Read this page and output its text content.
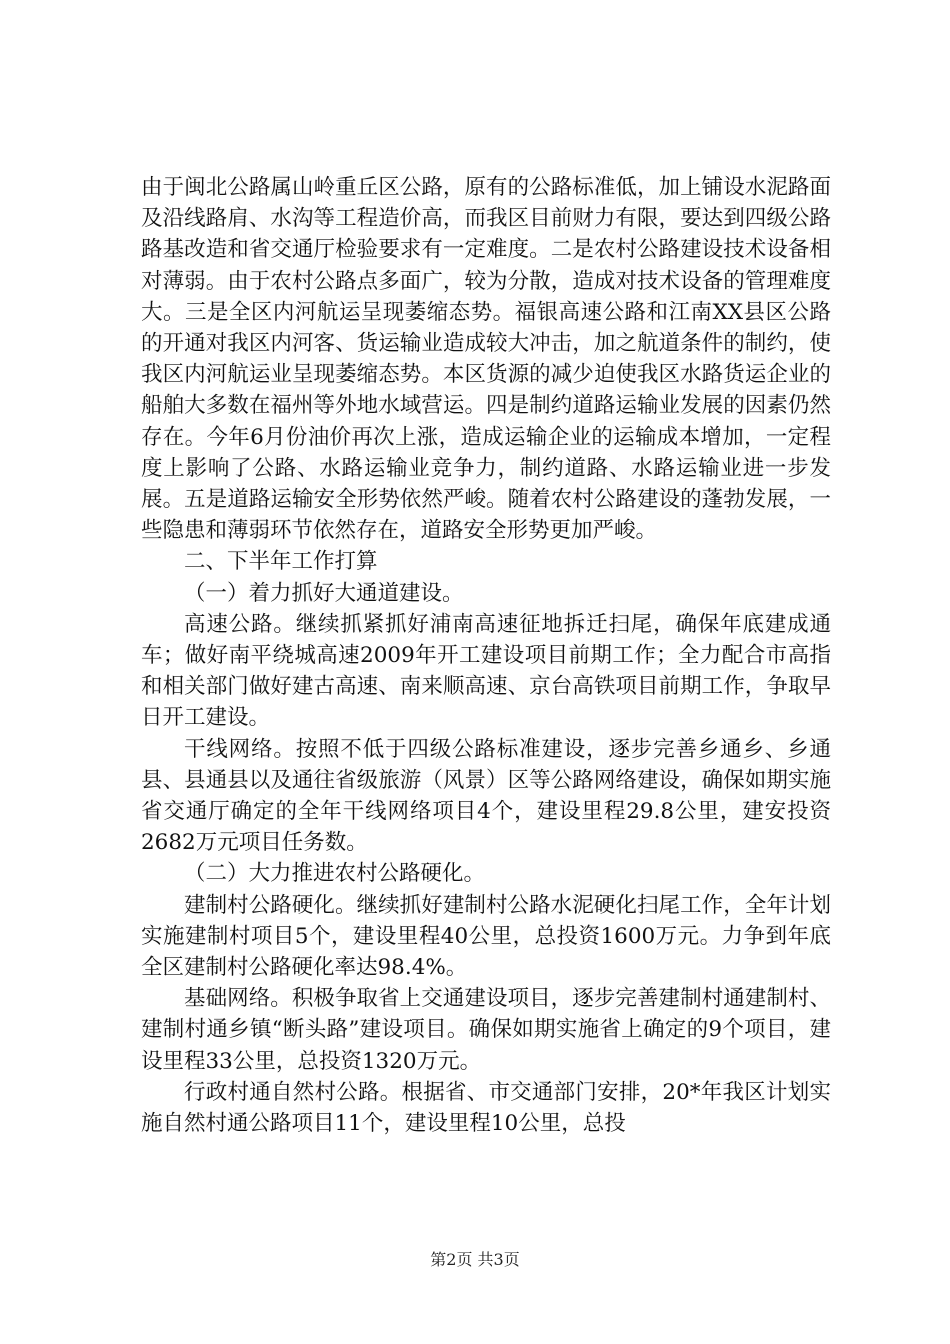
由于闽北公路属山岭重丘区公路，原有的公路标准低，加上铺设水泥路面及沿线路肩、水沟等工程造价高，而我区目前财力有限，要达到四级公路路基改造和省交通厅检验要求有一定难度。二是农村公路建设技术设备相对薄弱。由于农村公路点多面广，较为分散，造成对技术设备的管理难度大。三是全区内河航运呈现萎缩态势。福银高速公路和江南XX县区公路的开通对我区内河客、货运输业造成较大冲击，加之航道条件的制约，使我区内河航运业呈现萎缩态势。本区货源的减少迫使我区水路货运企业的船舶大多数在福州等外地水域营运。四是制约道路运输业发展的因素仍然存在。今年6月份油价再次上涨，造成运输企业的运输成本增加，一定程度上影响了公路、水路运输业竞争力，制约道路、水路运输业进一步发展。五是道路运输安全形势依然严峻。随着农村公路建设的蓬勃发展，一些隐患和薄弱环节依然存在，道路安全形势更加严峻。

二、下半年工作打算

（一）着力抓好大通道建设。

高速公路。继续抓紧抓好浦南高速征地拆迁扫尾，确保年底建成通车；做好南平绕城高速2009年开工建设项目前期工作；全力配合市高指和相关部门做好建古高速、南来顺高速、京台高铁项目前期工作，争取早日开工建设。

干线网络。按照不低于四级公路标准建设，逐步完善乡通乡、乡通县、县通县以及通往省级旅游（风景）区等公路网络建设，确保如期实施省交通厅确定的全年干线网络项目4个，建设里程29.8公里，建安投资2682万元项目任务数。

（二）大力推进农村公路硬化。

建制村公路硬化。继续抓好建制村公路水泥硬化扫尾工作，全年计划实施建制村项目5个，建设里程40公里，总投资1600万元。力争到年底全区建制村公路硬化率达98.4%。

基础网络。积极争取省上交通建设项目，逐步完善建制村通建制村、建制村通乡镇“断头路”建设项目。确保如期实施省上确定的9个项目，建设里程33公里，总投资1320万元。

行政村通自然村公路。根据省、市交通部门安排，20*年我区计划实施自然村通公路项目11个，建设里程10公里，总投

第2页 共3页
